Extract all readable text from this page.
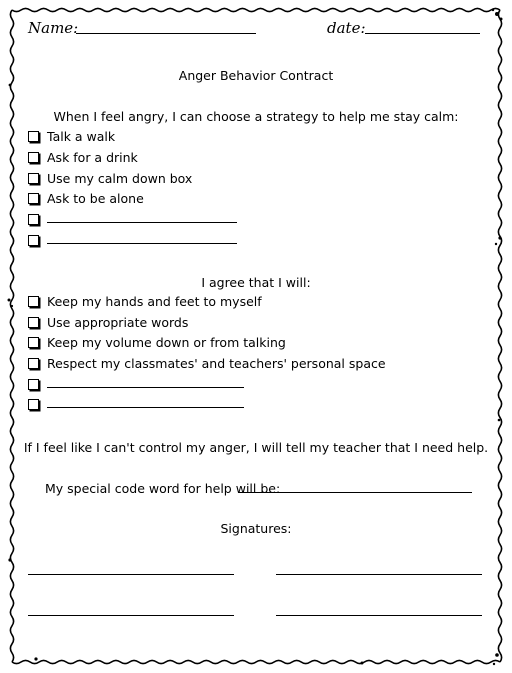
Name:	date:
Anger Behavior Contract
When I feel angry, I can choose a strategy to help me stay calm:
Talk a walk
Ask for a drink
Use my calm down box
Ask to be alone
I agree that I will:
Keep my hands and feet to myself
Use appropriate words
Keep my volume down or from talking
Respect my classmates' and teachers' personal space
If I feel like I can't control my anger, I will tell my teacher that I need help.
My special code word for help will be:
Signatures:
